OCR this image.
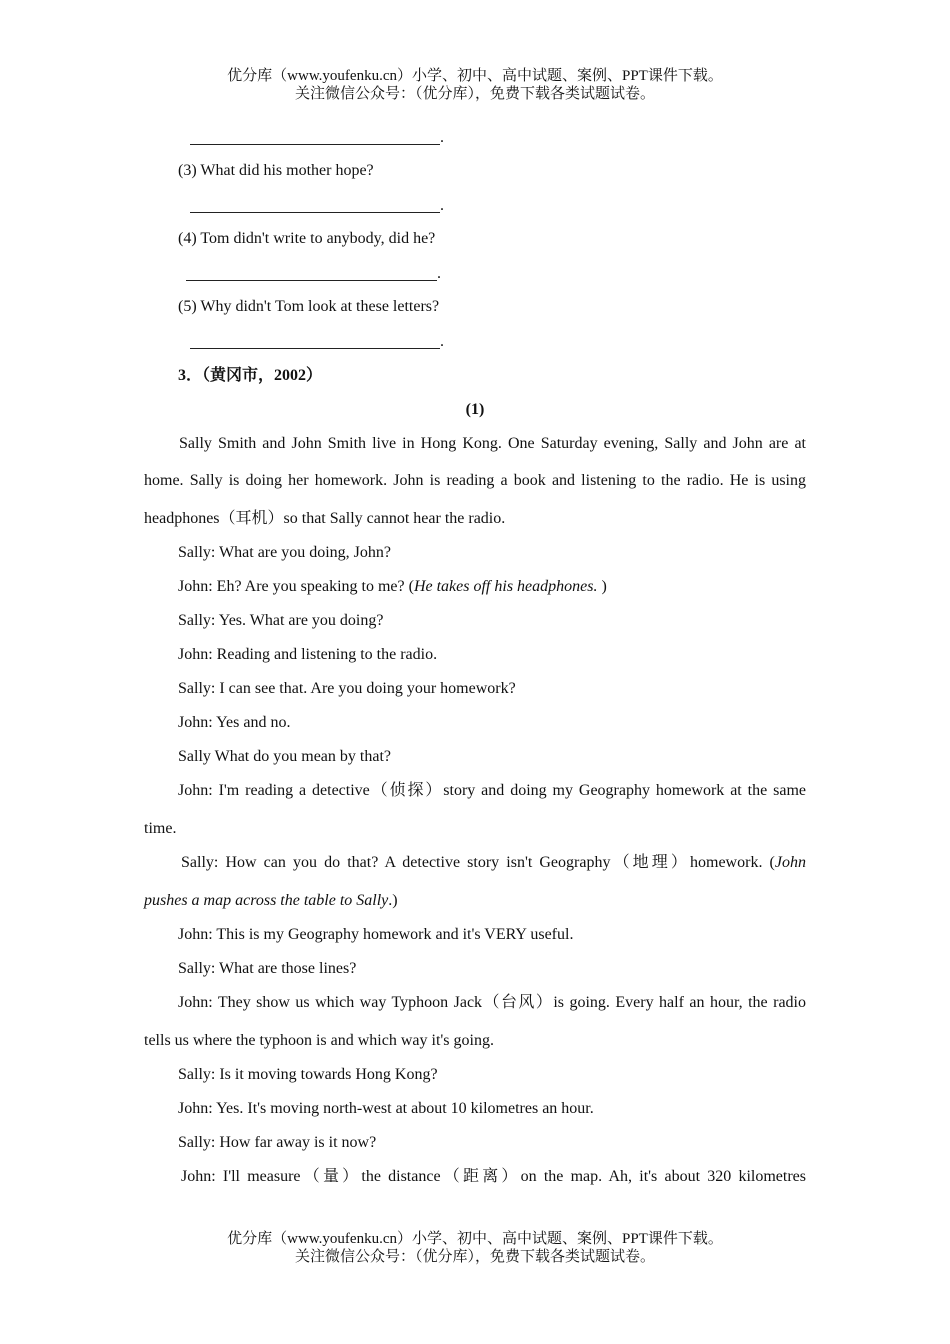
优分库（www.youfenku.cn）小学、初中、高中试题、案例、PPT课件下载。
关注微信公众号：（优分库），免费下载各类试题试卷。
.
(3) What did his mother hope?
.
(4) Tom didn't write to anybody, did he?
.
(5) Why didn't Tom look at these letters?
.
3．（黄冈市，2002）
(1)
Sally Smith and John Smith live in Hong Kong. One Saturday evening, Sally and John are at
home. Sally is doing her homework. John is reading a book and listening to the radio. He is using
headphones（耳机）so that Sally cannot hear the radio.
Sally: What are you doing, John?
John: Eh? Are you speaking to me? (He takes off his headphones. )
Sally: Yes. What are you doing?
John: Reading and listening to the radio.
Sally: I can see that. Are you doing your homework?
John: Yes and no.
Sally What do you mean by that?
John: I'm reading a detective（侦探）story and doing my Geography homework at the same
time.
Sally: How can you do that? A detective story isn't Geography（地理）homework. (John
pushes a map across the table to Sally.)
John: This is my Geography homework and it's VERY useful.
Sally: What are those lines?
John: They show us which way Typhoon Jack（台风）is going. Every half an hour, the radio
tells us where the typhoon is and which way it's going.
Sally: Is it moving towards Hong Kong?
John: Yes. It's moving north-west at about 10 kilometres an hour.
Sally: How far away is it now?
John: I'll measure（量）the distance（距离）on the map. Ah, it's about 320 kilometres
优分库（www.youfenku.cn）小学、初中、高中试题、案例、PPT课件下载。
关注微信公众号：（优分库），免费下载各类试题试卷。
